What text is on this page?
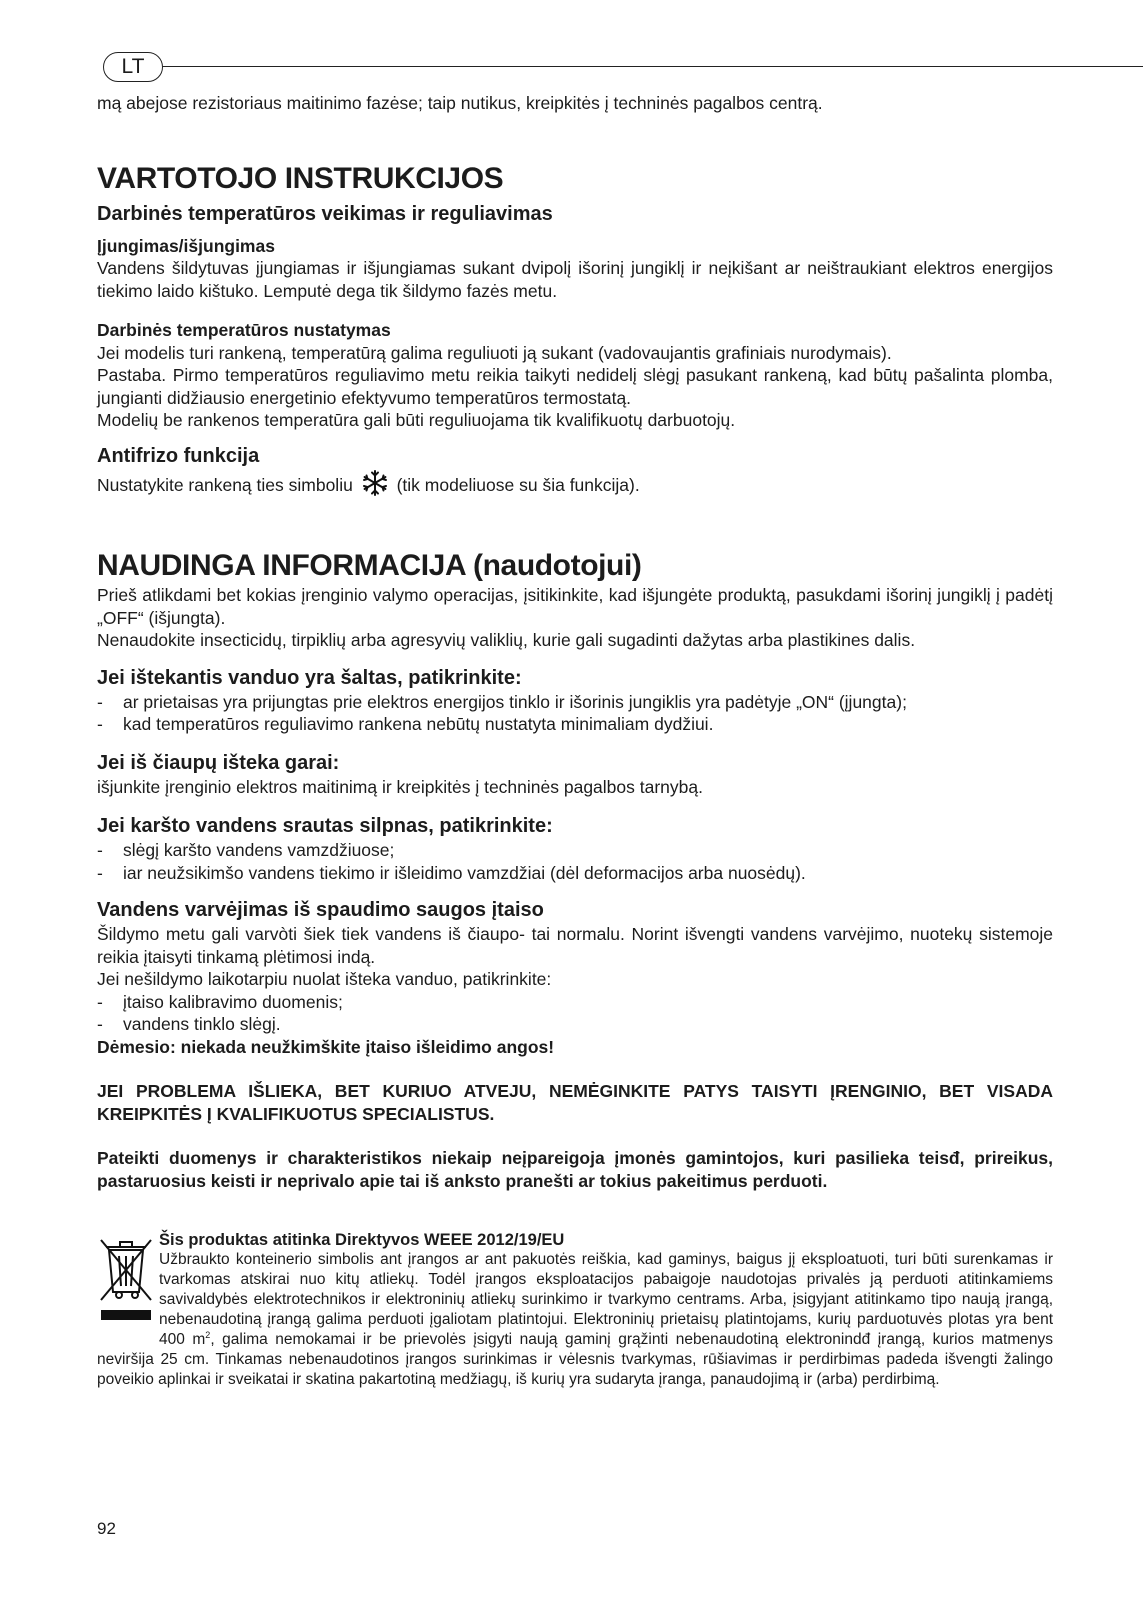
LT

mą abejose rezistoriaus maitinimo fazėse; taip nutikus, kreipkitės į techninės pagalbos centrą.

VARTOTOJO INSTRUKCIJOS
Darbinės temperatūros veikimas ir reguliavimas
Įjungimas/išjungimas

Vandens šildytuvas įjungiamas ir išjungiamas sukant dvipolį išorinį jungiklį ir neįkišant ar neištraukiant elektros energijos tiekimo laido kištuko. Lemputė dega tik šildymo fazės metu.

Darbinės temperatūros nustatymas

Jei modelis turi rankeną, temperatūrą galima reguliuoti ją sukant (vadovaujantis grafiniais nurodymais).

Pastaba. Pirmo temperatūros reguliavimo metu reikia taikyti nedidelį slėgį pasukant rankeną, kad būtų pašalinta plomba, jungianti didžiausio energetinio efektyvumo temperatūros termostatą.

Modelių be rankenos temperatūra gali būti reguliuojama tik kvalifikuotų darbuotojų.

Antifrizo funkcija

Nustatykite rankeną ties simboliu	(tik modeliuose su šia funkcija).

NAUDINGA INFORMACIJA (naudotojui)

Prieš atlikdami bet kokias įrenginio valymo operacijas, įsitikinkite, kad išjungėte produktą, pasukdami išorinį jungiklį į padėtį „OFF“ (išjungta).

Nenaudokite insecticidų, tirpiklių arba agresyvių valiklių, kurie gali sugadinti dažytas arba plastikines dalis.

Jei ištekantis vanduo yra šaltas, patikrinkite:
- ar prietaisas yra prijungtas prie elektros energijos tinklo ir išorinis jungiklis yra padėtyje „ON“ (įjungta);
- kad temperatūros reguliavimo rankena nebūtų nustatyta minimaliam dydžiui.
Jei iš čiaupų išteka garai:

išjunkite įrenginio elektros maitinimą ir kreipkitės į techninės pagalbos tarnybą.

Jei karšto vandens srautas silpnas, patikrinkite:
- slėgį karšto vandens vamzdžiuose;
- iar neužsikimšo vandens tiekimo ir išleidimo vamzdžiai (dėl deformacijos arba nuosėdų).
Vandens varvėjimas iš spaudimo saugos įtaiso

Šildymo metu gali varvòti šiek tiek vandens iš čiaupo- tai normalu. Norint išvengti vandens varvėjimo, nuotekų sistemoje reikia įtaisyti tinkamą plėtimosi indą.

Jei nešildymo laikotarpiu nuolat išteka vanduo, patikrinkite:

- įtaiso kalibravimo duomenis;
- vandens tinklo slėgį.

Dėmesio: niekada neužkimškite įtaiso išleidimo angos!

JEI PROBLEMA IŠLIEKA, BET KURIUO ATVEJU, NEMĖGINKITE PATYS TAISYTI ĮRENGINIO, BET VISADA KREIPKITĖS Į KVALIFIKUOTUS SPECIALISTUS.

Pateikti duomenys ir charakteristikos niekaip neįpareigoja įmonės gamintojos, kuri pasilieka teisđ, prireikus, pastaruosius keisti ir neprivalo apie tai iš anksto pranešti ar tokius pakeitimus perduoti.

Šis produktas atitinka Direktyvos WEEE 2012/19/EU

Užbraukto konteinerio simbolis ant įrangos ar ant pakuotės reiškia, kad gaminys, baigus jį eksploatuoti, turi būti surenkamas ir tvarkomas atskirai nuo kitų atliekų. Todėl įrangos eksploatacijos pabaigoje naudotojas privalės ją perduoti atitinkamiems savivaldybės elektrotechnikos ir elektroninių atliekų surinkimo ir tvarkymo centrams. Arba, įsigyjant atitinkamo tipo naują įrangą, nebenaudotiną įrangą galima perduoti įgaliotam platintojui. Elektroninių prietaisų platintojams, kurių parduotuvės plotas yra bent 400 $m^2$, galima nemokamai ir be prievolės įsigyti naują gaminį grąžinti nebenaudotiną elektronindđ įrangą, kurios matmenys neviršija 25 cm. Tinkamas nebenaudotinos įrangos surinkimas ir vėlesnis tvarkymas, rūšiavimas ir perdirbimas padeda išvengti žalingo poveikio aplinkai ir sveikatai ir skatina pakartotiną medžiagų, iš kurių yra sudaryta įranga, panaudojimą ir (arba) perdirbimą.

92
